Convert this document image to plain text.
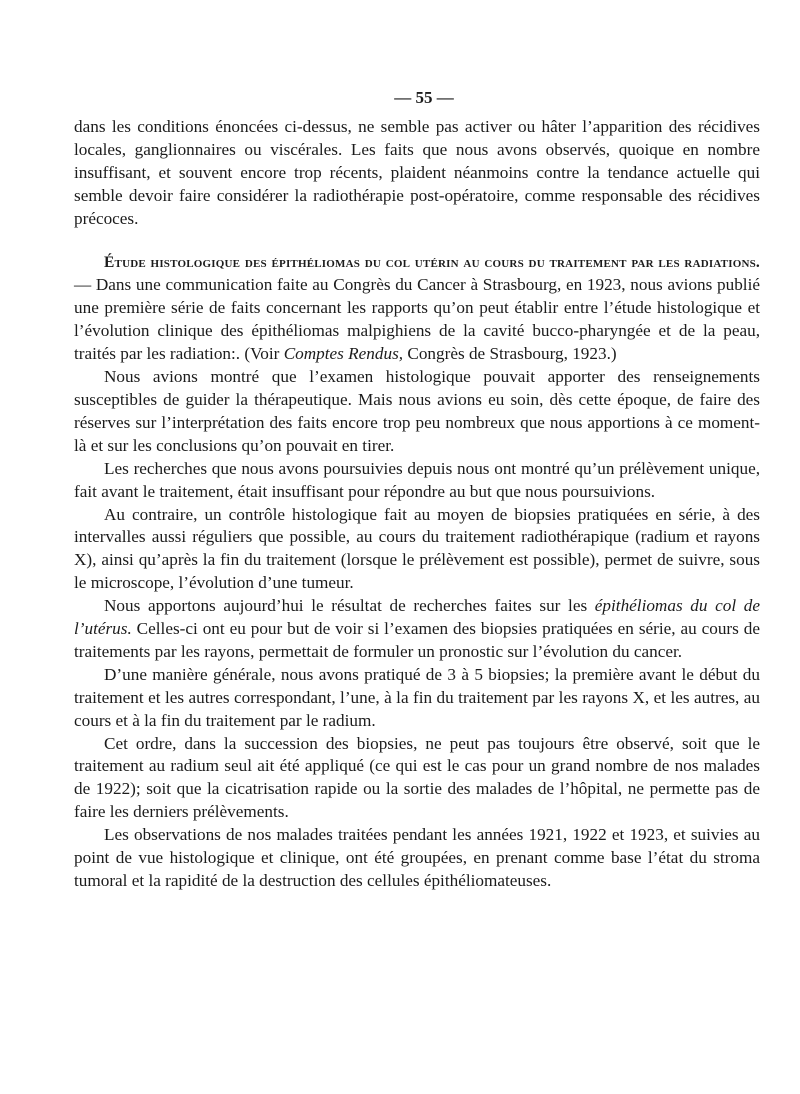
— 55 —

dans les conditions énoncées ci-dessus, ne semble pas activer ou hâter l’apparition des récidives locales, ganglionnaires ou viscérales. Les faits que nous avons observés, quoique en nombre insuffisant, et souvent encore trop récents, plaident néanmoins contre la tendance actuelle qui semble devoir faire considérer la radiothérapie post-opératoire, comme responsable des récidives précoces.

Étude histologique des épithéliomas du col utérin au cours du traitement par les radiations. — Dans une communication faite au Congrès du Cancer à Strasbourg, en 1923, nous avions publié une première série de faits concernant les rapports qu’on peut établir entre l’étude histologique et l’évolution clinique des épithéliomas malpighiens de la cavité bucco-pharyngée et de la peau, traités par les radiation:. (Voir Comptes Rendus, Congrès de Strasbourg, 1923.)

Nous avions montré que l’examen histologique pouvait apporter des renseignements susceptibles de guider la thérapeutique. Mais nous avions eu soin, dès cette époque, de faire des réserves sur l’interprétation des faits encore trop peu nombreux que nous apportions à ce moment-là et sur les conclusions qu’on pouvait en tirer.

Les recherches que nous avons poursuivies depuis nous ont montré qu’un prélèvement unique, fait avant le traitement, était insuffisant pour répondre au but que nous poursuivions.

Au contraire, un contrôle histologique fait au moyen de biopsies pratiquées en série, à des intervalles aussi réguliers que possible, au cours du traitement radiothérapique (radium et rayons X), ainsi qu’après la fin du traitement (lorsque le prélèvement est possible), permet de suivre, sous le microscope, l’évolution d’une tumeur.

Nous apportons aujourd’hui le résultat de recherches faites sur les épithéliomas du col de l’utérus. Celles-ci ont eu pour but de voir si l’examen des biopsies pratiquées en série, au cours de traitements par les rayons, permettait de formuler un pronostic sur l’évolution du cancer.

D’une manière générale, nous avons pratiqué de 3 à 5 biopsies; la première avant le début du traitement et les autres correspondant, l’une, à la fin du traitement par les rayons X, et les autres, au cours et à la fin du traitement par le radium.

Cet ordre, dans la succession des biopsies, ne peut pas toujours être observé, soit que le traitement au radium seul ait été appliqué (ce qui est le cas pour un grand nombre de nos malades de 1922); soit que la cicatrisation rapide ou la sortie des malades de l’hôpital, ne permette pas de faire les derniers prélèvements.

Les observations de nos malades traitées pendant les années 1921, 1922 et 1923, et suivies au point de vue histologique et clinique, ont été groupées, en prenant comme base l’état du stroma tumoral et la rapidité de la destruction des cellules épithéliomateuses.
